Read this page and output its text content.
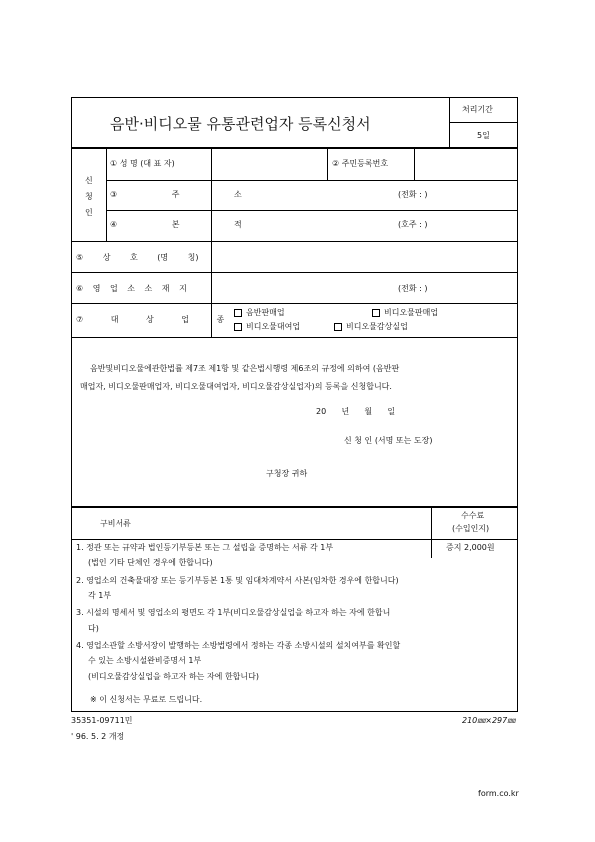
음반·비디오물 유통관련업자 등록신청서
처리기간
5일
신
청
인
① 성 명 (대 표 자)	② 주민등록번호
③ 주 소	(전화 : )
④ 본 적	(호주 : )
⑤ 상 호 (명 칭)
⑥ 영 업 소 소 재 지	(전화 : )
⑦ 대 상 업 종
음반판매업	비디오물판매업
비디오물대여업	비디오물감상실업
음반및비디오물에관한법률 제7조 제1항 및 같은법시행령 제6조의 규정에 의하여 (음반판
매업자, 비디오물판매업자, 비디오물대여업자, 비디오물감상실업자)의 등록을 신청합니다.
20      년      월      일
신 청 인 (서명 또는 도장)
구청장 귀하
구비서류
수수료
(수입인지)
증지 2,000원
1. 정관 또는 규약과 법인등기부등본 또는 그 설립을 증명하는 서류 각 1부
(법인 기타 단체인 경우에 한합니다)
2. 영업소의 건축물대장 또는 등기부등본 1통 및 임대차계약서 사본(임차한 경우에 한합니다)
각 1부
3. 시설의 명세서 및 영업소의 평면도 각 1부(비디오물감상실업을 하고자 하는 자에 한합니
다)
4. 영업소관할 소방서장이 발행하는 소방법령에서 정하는 각종 소방시설의 설치여부를 확인할
수 있는 소방시설완비증명서 1부
(비디오물감상실업을 하고자 하는 자에 한합니다)
※ 이 신청서는 무료로 드립니다.
35351-09711민	210㎜×297㎜
' 96. 5. 2 개정
form.co.kr
